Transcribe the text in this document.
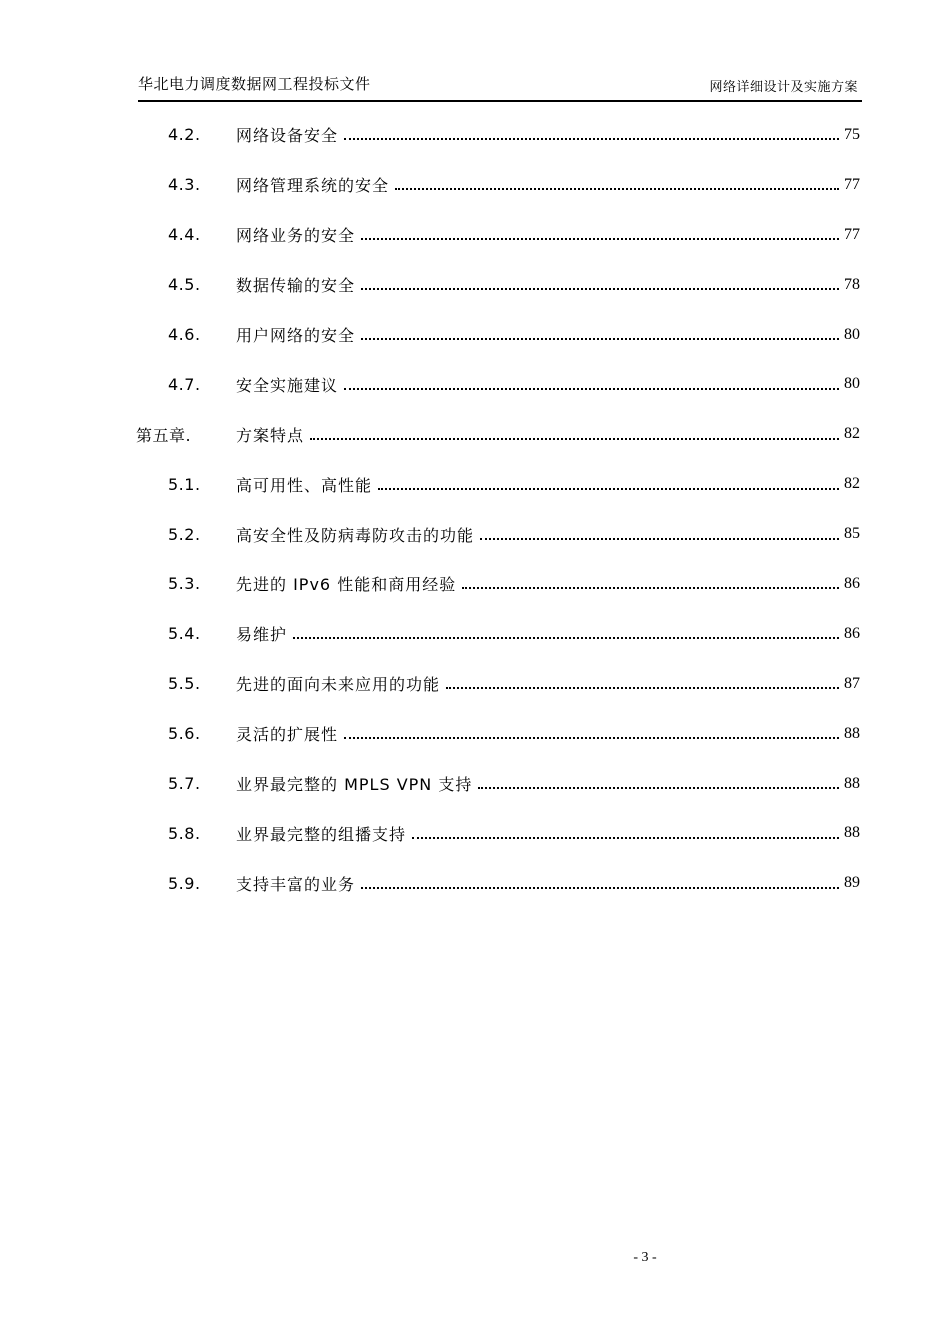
华北电力调度数据网工程投标文件	网络详细设计及实施方案
4.2.	网络设备安全	75
4.3.	网络管理系统的安全	77
4.4.	网络业务的安全	77
4.5.	数据传输的安全	78
4.6.	用户网络的安全	80
4.7.	安全实施建议	80
第五章.	方案特点	82
5.1.	高可用性、高性能	82
5.2.	高安全性及防病毒防攻击的功能	85
5.3.	先进的 IPv6 性能和商用经验	86
5.4.	易维护	86
5.5.	先进的面向未来应用的功能	87
5.6.	灵活的扩展性	88
5.7.	业界最完整的 MPLS VPN 支持	88
5.8.	业界最完整的组播支持	88
5.9.	支持丰富的业务	89
- 3 -
